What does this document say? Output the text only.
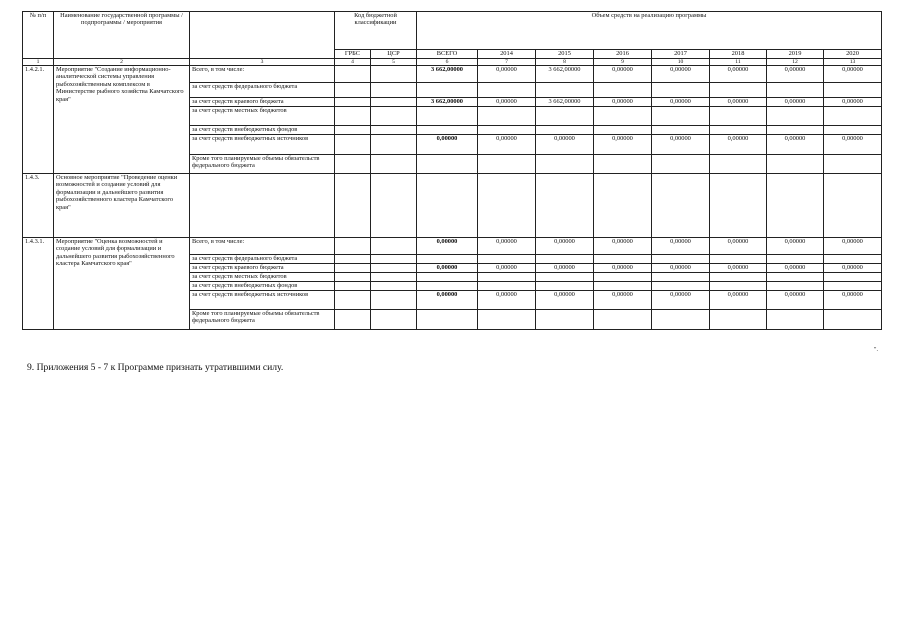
№ п/п	Наименование государственной программы / подпрограммы / мероприятия		Код бюджетной классификации		Объем средств на реализацию программы							
			ГРБС	ЦСР	ВСЕГО	2014	2015	2016	2017	2018	2019	2020
1	2	3	4	5	6	7	8	9	10	11	12	13
1.4.2.1.	Мероприятие "Создание информационно-аналитической системы управления рыбохозяйственным комплексом в Министерстве рыбного хозяйства Камчатского края"	Всего, в том числе:			3 662,00000	0,00000	3 662,00000	0,00000	0,00000	0,00000	0,00000	0,00000
		за счет средств федерального бюджета										
		за счет средств краевого бюджета			3 662,00000	0,00000	3 662,00000	0,00000	0,00000	0,00000	0,00000	0,00000
		за счет средств местных бюджетов										
		за счет средств внебюджетных фондов										
		за счет средств внебюджетных источников			0,00000	0,00000	0,00000	0,00000	0,00000	0,00000	0,00000	0,00000
		Кроме того планируемые объемы обязательств федерального бюджета										
1.4.3.	Основное мероприятие "Проведение оценки возможностей и создание условий для формализации и дальнейшего развития рыбохозяйственного кластера Камчатского края"											
1.4.3.1.	Мероприятие "Оценка возможностей и создание условий для формализации и дальнейшего развития рыбохозяйственного кластера Камчатского края"	Всего, в том числе:			0,00000	0,00000	0,00000	0,00000	0,00000	0,00000	0,00000	0,00000
		за счет средств федерального бюджета										
		за счет средств краевого бюджета			0,00000	0,00000	0,00000	0,00000	0,00000	0,00000	0,00000	0,00000
		за счет средств местных бюджетов										
		за счет средств внебюджетных фондов										
		за счет средств внебюджетных источников			0,00000	0,00000	0,00000	0,00000	0,00000	0,00000	0,00000	0,00000
		Кроме того планируемые объемы обязательств федерального бюджета										
".
9. Приложения 5 - 7 к Программе признать утратившими силу.
